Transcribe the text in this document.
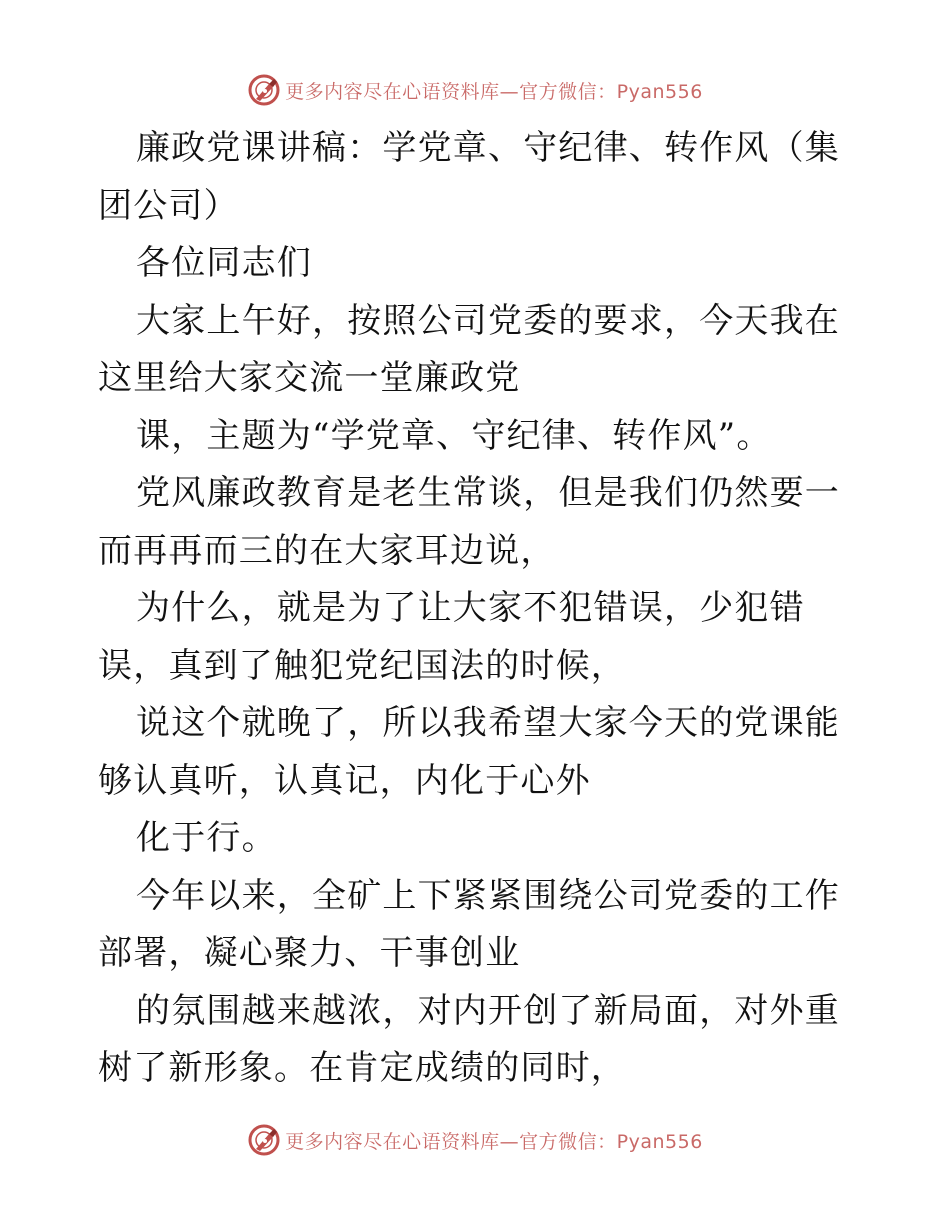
更多内容尽在心语资料库—官方微信：Pyan556

廉政党课讲稿：学党章、守纪律、转作风（集团公司）

各位同志们

大家上午好，按照公司党委的要求，今天我在这里给大家交流一堂廉政党

课，主题为“学党章、守纪律、转作风”。

党风廉政教育是老生常谈，但是我们仍然要一而再再而三的在大家耳边说，

为什么，就是为了让大家不犯错误，少犯错误，真到了触犯党纪国法的时候，

说这个就晚了，所以我希望大家今天的党课能够认真听，认真记，内化于心外

化于行。

今年以来，全矿上下紧紧围绕公司党委的工作部署，凝心聚力、干事创业

的氛围越来越浓，对内开创了新局面，对外重树了新形象。在肯定成绩的同时，

更多内容尽在心语资料库—官方微信：Pyan556
